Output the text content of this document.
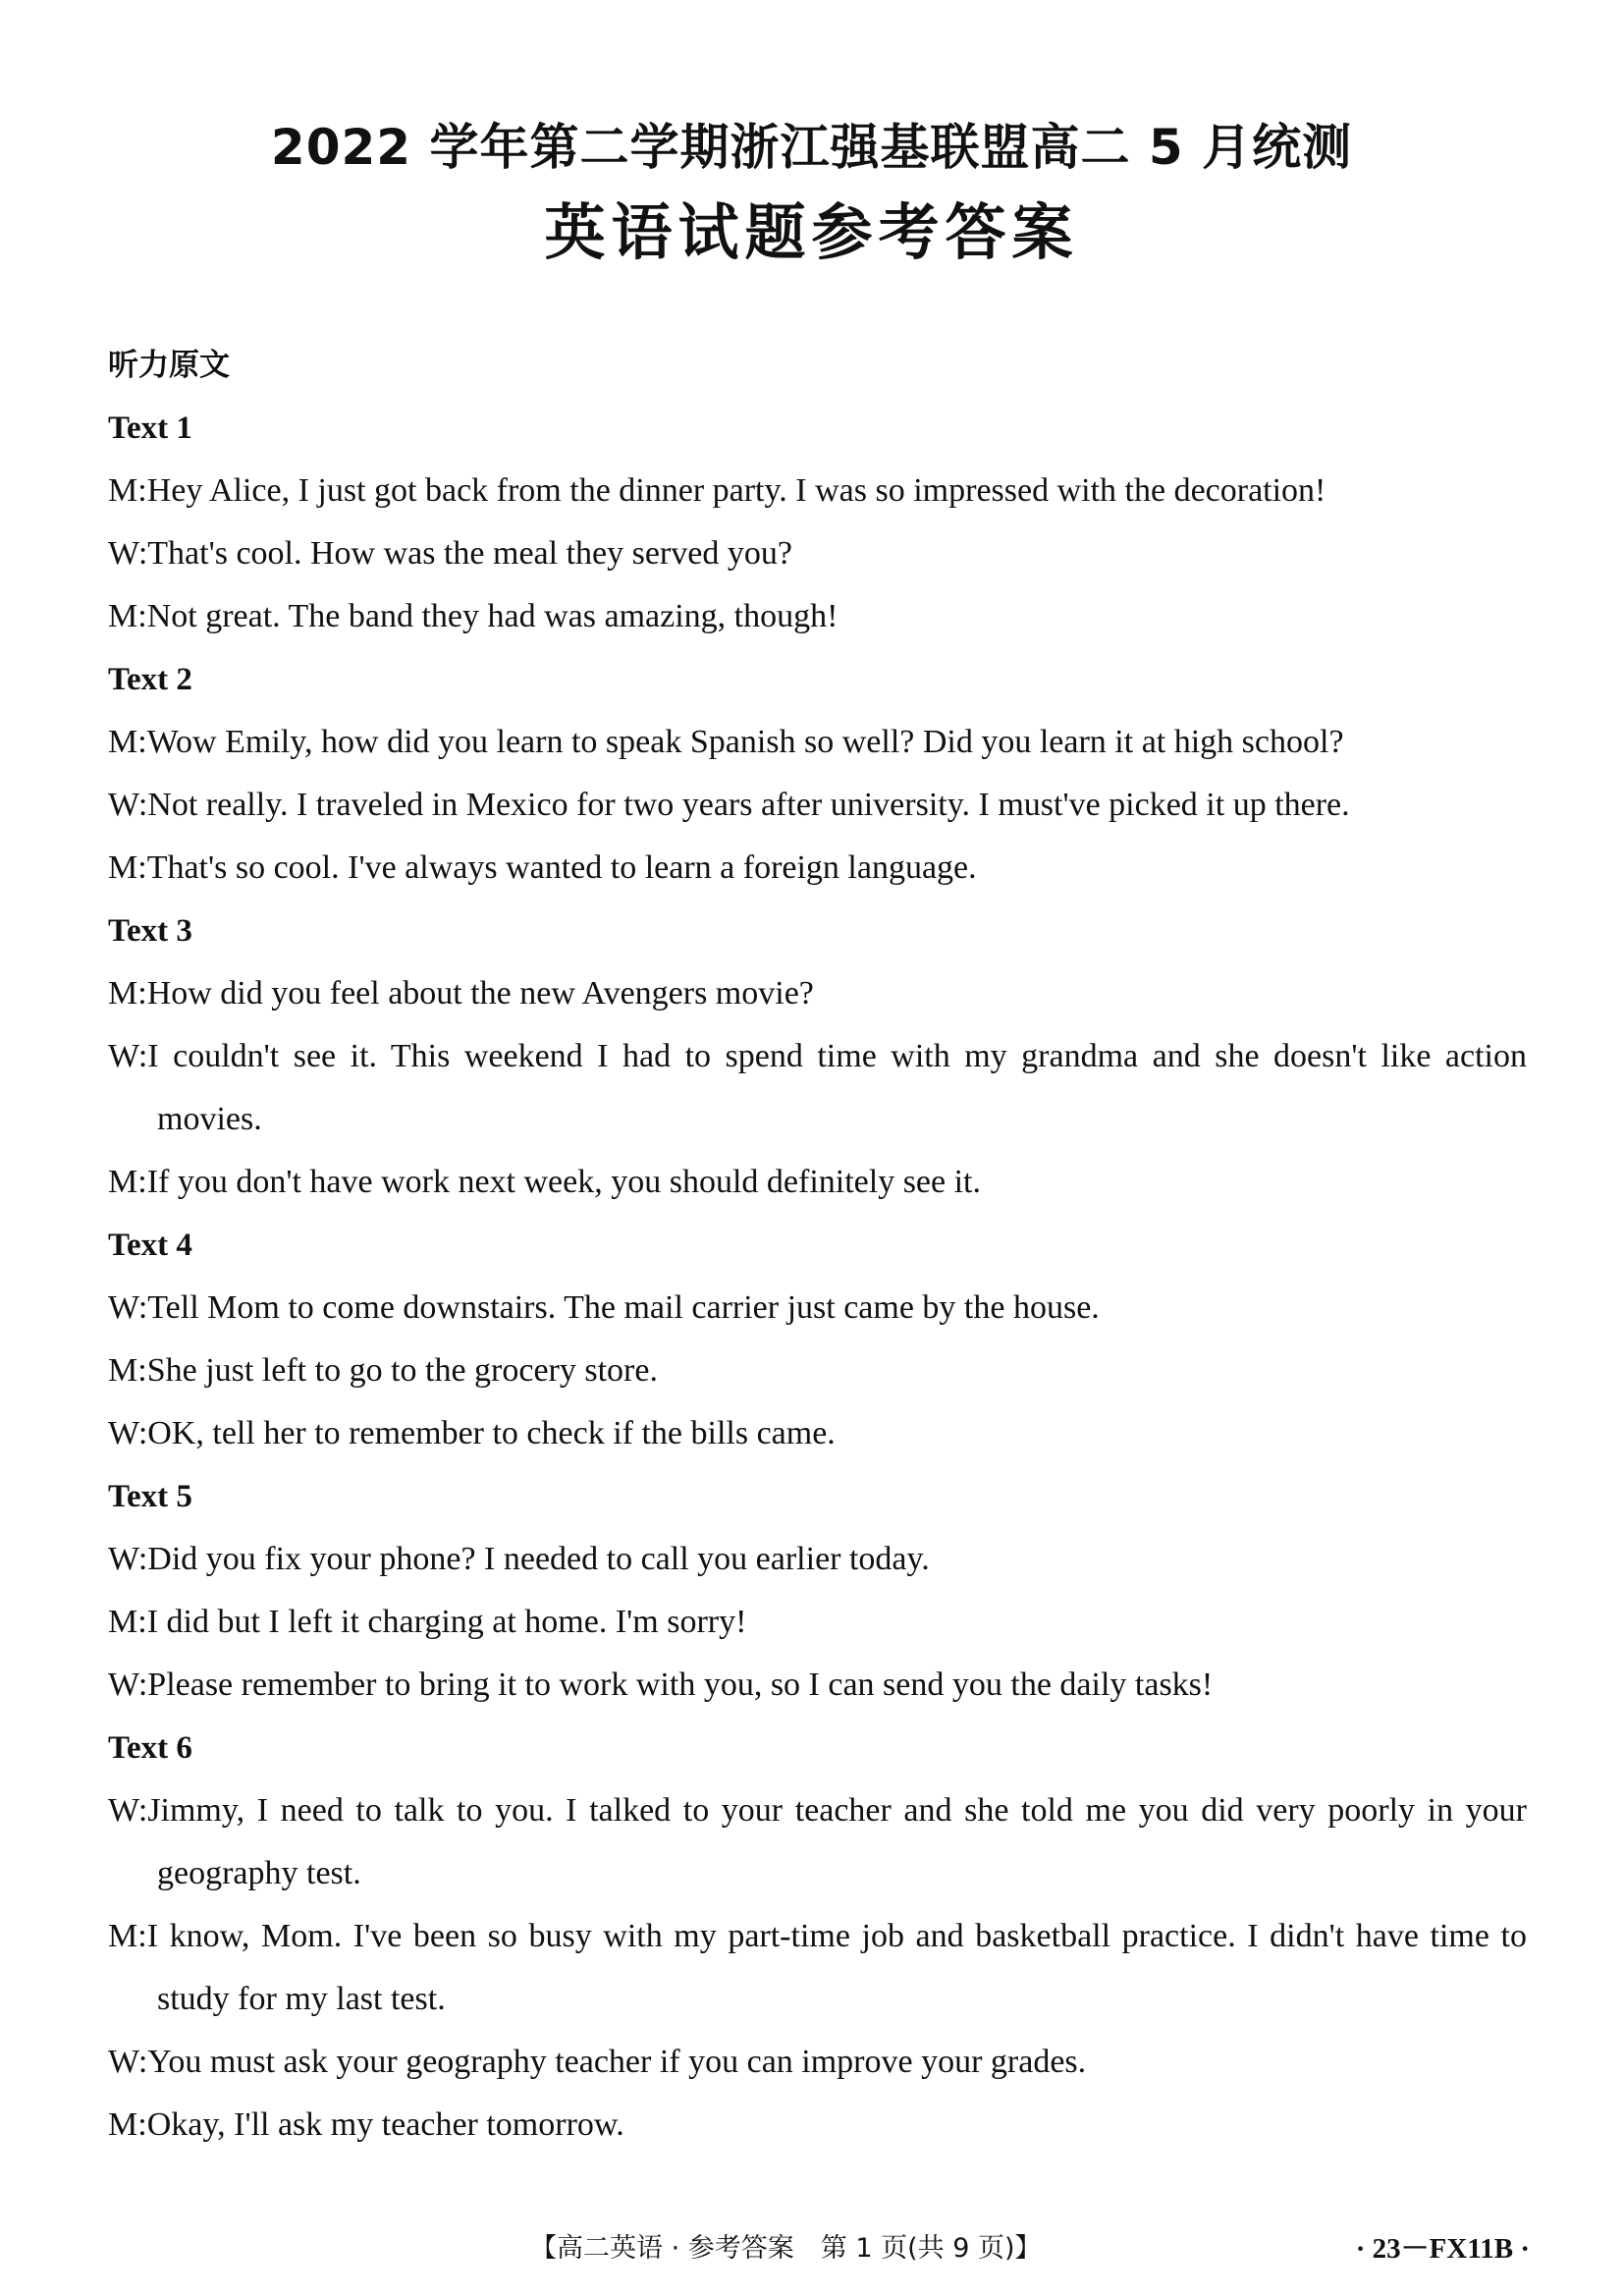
2022 学年第二学期浙江强基联盟高二 5 月统测
英语试题参考答案
听力原文
Text 1
M:Hey Alice, I just got back from the dinner party. I was so impressed with the decoration!
W:That's cool. How was the meal they served you?
M:Not great. The band they had was amazing, though!
Text 2
M:Wow Emily, how did you learn to speak Spanish so well? Did you learn it at high school?
W:Not really. I traveled in Mexico for two years after university. I must've picked it up there.
M:That's so cool. I've always wanted to learn a foreign language.
Text 3
M:How did you feel about the new Avengers movie?
W:I couldn't see it. This weekend I had to spend time with my grandma and she doesn't like action movies.
M:If you don't have work next week, you should definitely see it.
Text 4
W:Tell Mom to come downstairs. The mail carrier just came by the house.
M:She just left to go to the grocery store.
W:OK, tell her to remember to check if the bills came.
Text 5
W:Did you fix your phone? I needed to call you earlier today.
M:I did but I left it charging at home. I'm sorry!
W:Please remember to bring it to work with you, so I can send you the daily tasks!
Text 6
W:Jimmy, I need to talk to you. I talked to your teacher and she told me you did very poorly in your geography test.
M:I know, Mom. I've been so busy with my part-time job and basketball practice. I didn't have time to study for my last test.
W:You must ask your geography teacher if you can improve your grades.
M:Okay, I'll ask my teacher tomorrow.
【高二英语 · 参考答案　第 1 页(共 9 页)】	· 23－FX11B ·
